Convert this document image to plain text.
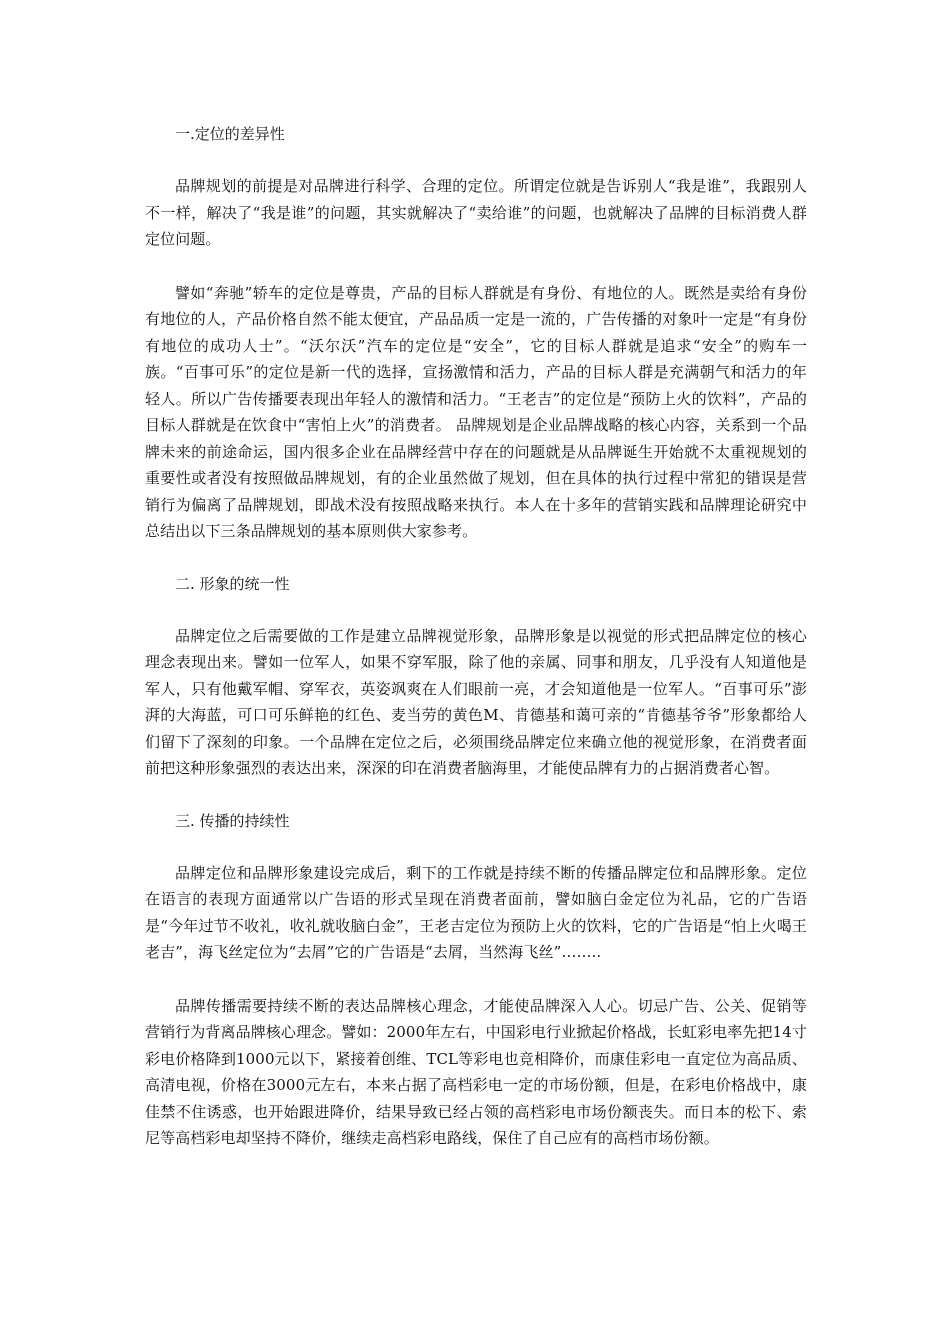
一.定位的差异性

品牌规划的前提是对品牌进行科学、合理的定位。所谓定位就是告诉别人“我是谁”，我跟别人不一样，解决了“我是谁”的问题，其实就解决了“卖给谁”的问题，也就解决了品牌的目标消费人群定位问题。

譬如“奔驰”轿车的定位是尊贵，产品的目标人群就是有身份、有地位的人。既然是卖给有身份有地位的人，产品价格自然不能太便宜，产品品质一定是一流的，广告传播的对象叶一定是“有身份有地位的成功人士”。“沃尔沃”汽车的定位是“安全”，它的目标人群就是追求“安全”的购车一族。“百事可乐”的定位是新一代的选择，宣扬激情和活力，产品的目标人群是充满朝气和活力的年轻人。所以广告传播要表现出年轻人的激情和活力。“王老吉”的定位是“预防上火的饮料”，产品的目标人群就是在饮食中“害怕上火”的消费者。 品牌规划是企业品牌战略的核心内容，关系到一个品牌未来的前途命运，国内很多企业在品牌经营中存在的问题就是从品牌诞生开始就不太重视规划的重要性或者没有按照做品牌规划，有的企业虽然做了规划，但在具体的执行过程中常犯的错误是营销行为偏离了品牌规划，即战术没有按照战略来执行。本人在十多年的营销实践和品牌理论研究中总结出以下三条品牌规划的基本原则供大家参考。

二. 形象的统一性

品牌定位之后需要做的工作是建立品牌视觉形象，品牌形象是以视觉的形式把品牌定位的核心理念表现出来。譬如一位军人，如果不穿军服，除了他的亲属、同事和朋友，几乎没有人知道他是军人，只有他戴军帽、穿军衣，英姿飒爽在人们眼前一亮，才会知道他是一位军人。“百事可乐”澎湃的大海蓝，可口可乐鲜艳的红色、麦当劳的黄色M、肯德基和蔼可亲的“肯德基爷爷”形象都给人们留下了深刻的印象。一个品牌在定位之后，必须围绕品牌定位来确立他的视觉形象，在消费者面前把这种形象强烈的表达出来，深深的印在消费者脑海里，才能使品牌有力的占据消费者心智。

三. 传播的持续性

品牌定位和品牌形象建设完成后，剩下的工作就是持续不断的传播品牌定位和品牌形象。定位在语言的表现方面通常以广告语的形式呈现在消费者面前，譬如脑白金定位为礼品，它的广告语是“今年过节不收礼，收礼就收脑白金”，王老吉定位为预防上火的饮料，它的广告语是“怕上火喝王老吉”，海飞丝定位为“去屑”它的广告语是“去屑，当然海飞丝”……..

品牌传播需要持续不断的表达品牌核心理念，才能使品牌深入人心。切忌广告、公关、促销等营销行为背离品牌核心理念。譬如：2000年左右，中国彩电行业掀起价格战，长虹彩电率先把14寸彩电价格降到1000元以下，紧接着创维、TCL等彩电也竞相降价，而康佳彩电一直定位为高品质、高清电视，价格在3000元左右，本来占据了高档彩电一定的市场份额，但是，在彩电价格战中，康佳禁不住诱惑，也开始跟进降价，结果导致已经占领的高档彩电市场份额丧失。而日本的松下、索尼等高档彩电却坚持不降价，继续走高档彩电路线，保住了自己应有的高档市场份额。
